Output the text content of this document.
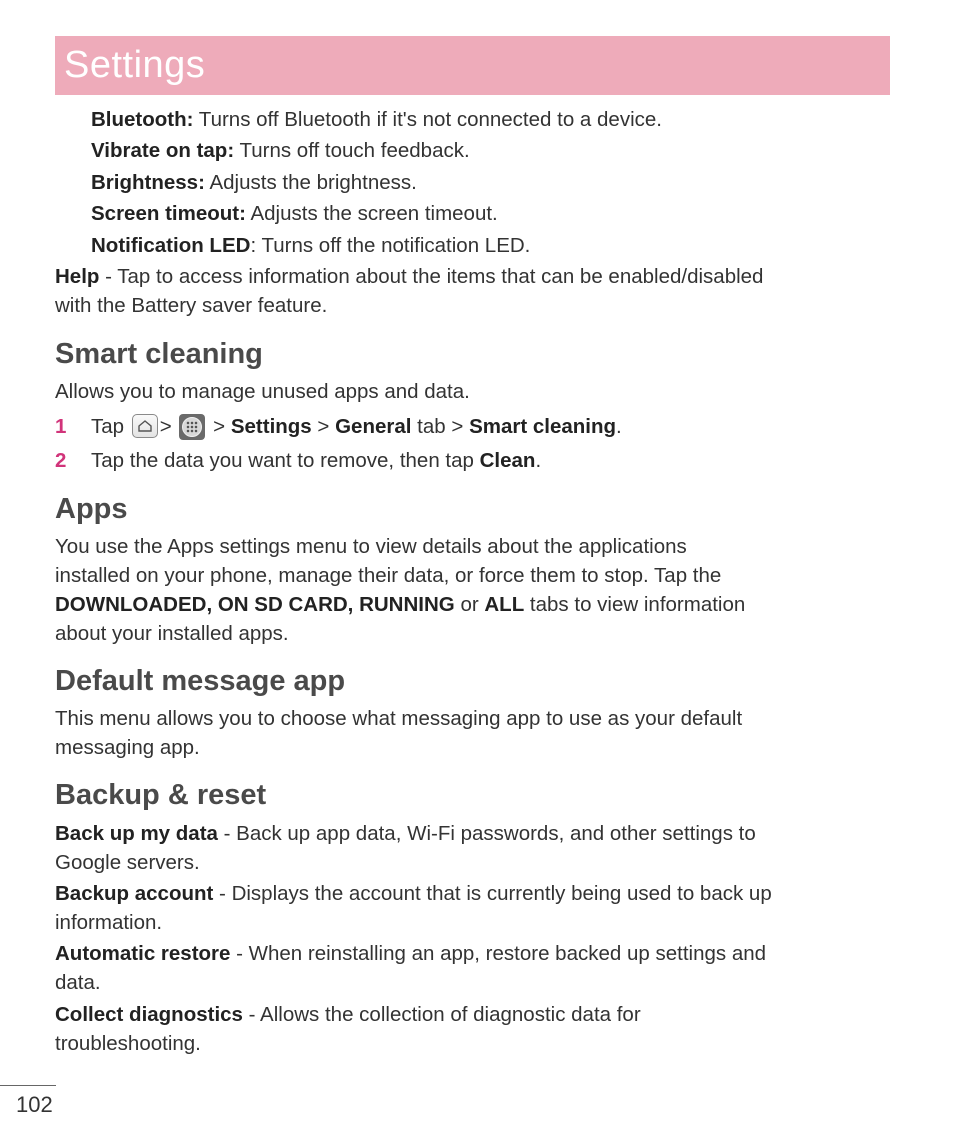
Settings
Bluetooth: Turns off Bluetooth if it's not connected to a device.
Vibrate on tap: Turns off touch feedback.
Brightness: Adjusts the brightness.
Screen timeout: Adjusts the screen timeout.
Notification LED: Turns off the notification LED.
Help - Tap to access information about the items that can be enabled/disabled
with the Battery saver feature.
Smart cleaning
Allows you to manage unused apps and data.
1 Tap > > Settings > General tab > Smart cleaning.
2 Tap the data you want to remove, then tap Clean.
Apps
You use the Apps settings menu to view details about the applications
installed on your phone, manage their data, or force them to stop. Tap the
DOWNLOADED, ON SD CARD, RUNNING or ALL tabs to view information
about your installed apps.
Default message app
This menu allows you to choose what messaging app to use as your default
messaging app.
Backup & reset
Back up my data - Back up app data, Wi-Fi passwords, and other settings to
Google servers.
Backup account - Displays the account that is currently being used to back up
information.
Automatic restore - When reinstalling an app, restore backed up settings and
data.
Collect diagnostics - Allows the collection of diagnostic data for
troubleshooting.
102
